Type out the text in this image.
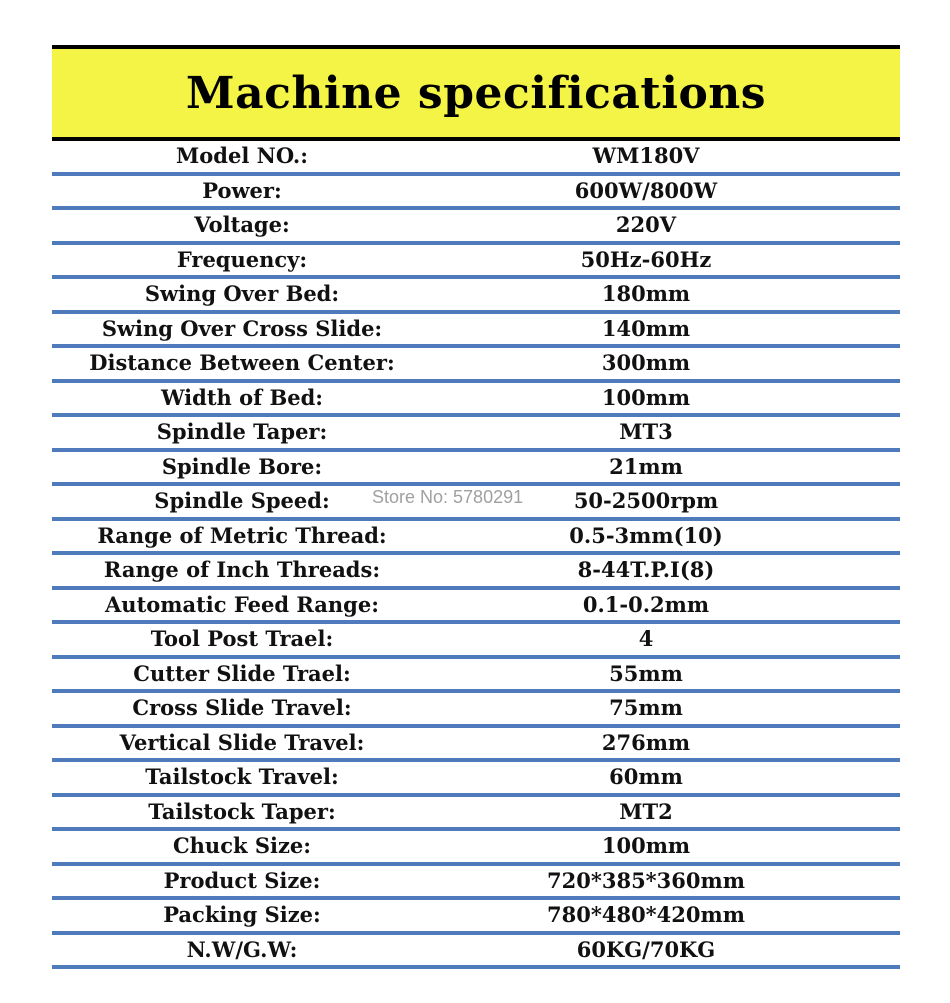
Machine specifications
Model NO.:	WM180V
Power:	600W/800W
Voltage:	220V
Frequency:	50Hz-60Hz
Swing Over Bed:	180mm
Swing Over Cross Slide:	140mm
Distance Between Center:	300mm
Width of Bed:	100mm
Spindle Taper:	MT3
Spindle Bore:	21mm
Spindle Speed:	50-2500rpm
Range of Metric Thread:	0.5-3mm(10)
Range of Inch Threads:	8-44T.P.I(8)
Automatic Feed Range:	0.1-0.2mm
Tool Post Trael:	4
Cutter Slide Trael:	55mm
Cross Slide Travel:	75mm
Vertical Slide Travel:	276mm
Tailstock Travel:	60mm
Tailstock Taper:	MT2
Chuck Size:	100mm
Product Size:	720*385*360mm
Packing Size:	780*480*420mm
N.W/G.W:	60KG/70KG
Store No: 5780291
